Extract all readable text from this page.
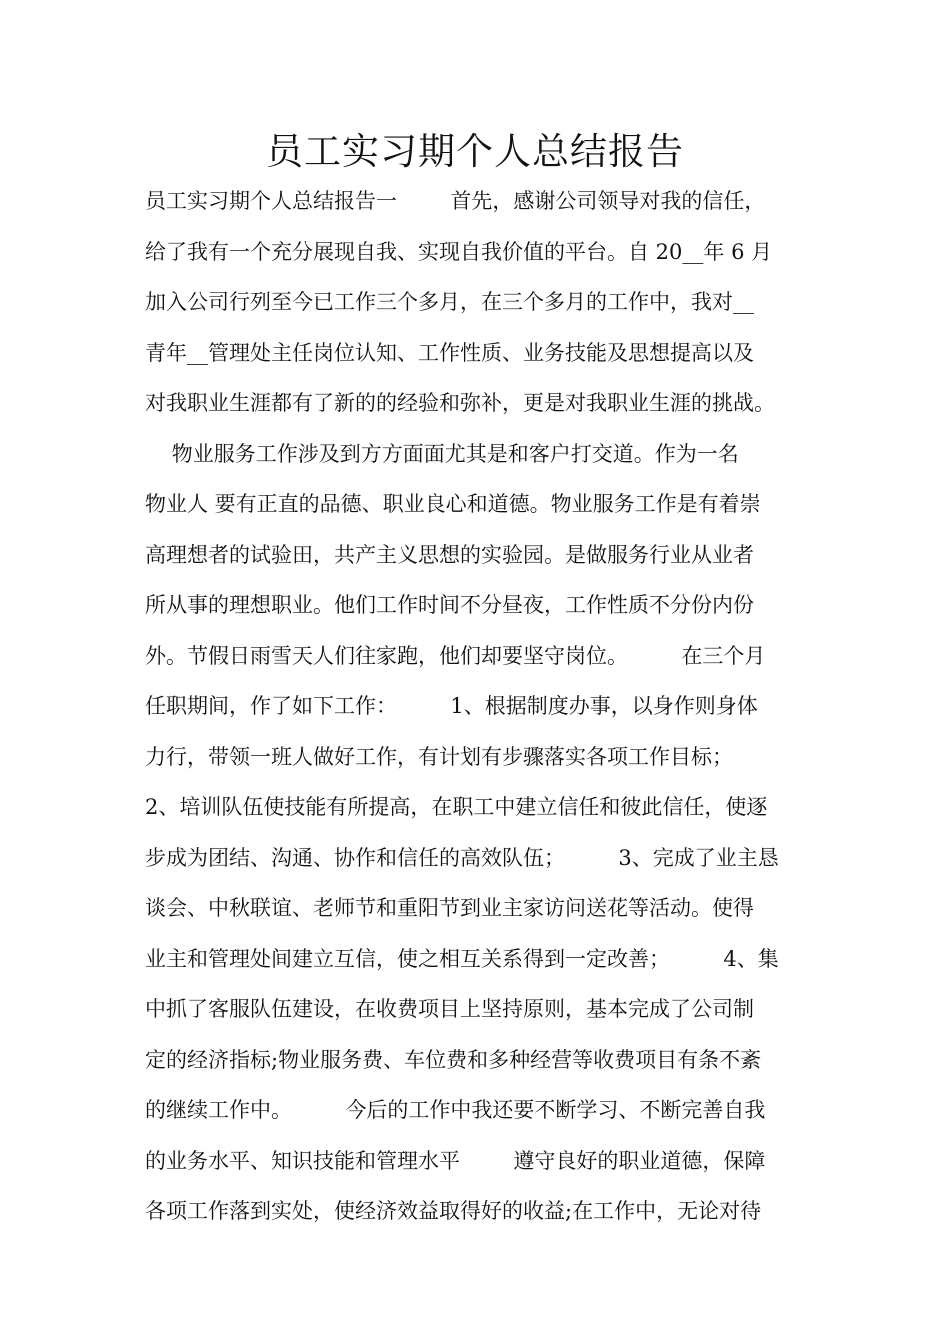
员工实习期个人总结报告
员工实习期个人总结报告一        首先，感谢公司领导对我的信任，
给了我有一个充分展现自我、实现自我价值的平台。自 20__年 6 月
加入公司行列至今已工作三个多月，在三个多月的工作中，我对__
青年__管理处主任岗位认知、工作性质、业务技能及思想提高以及
对我职业生涯都有了新的的经验和弥补，更是对我职业生涯的挑战。
物业服务工作涉及到方方面面尤其是和客户打交道。作为一名
物业人 要有正直的品德、职业良心和道德。物业服务工作是有着崇
高理想者的试验田，共产主义思想的实验园。是做服务行业从业者
所从事的理想职业。他们工作时间不分昼夜，工作性质不分份内份
外。节假日雨雪天人们往家跑，他们却要坚守岗位。        在三个月
任职期间，作了如下工作：        1、根据制度办事，以身作则身体
力行，带领一班人做好工作，有计划有步骤落实各项工作目标；
2、培训队伍使技能有所提高，在职工中建立信任和彼此信任，使逐
步成为团结、沟通、协作和信任的高效队伍；        3、完成了业主恳
谈会、中秋联谊、老师节和重阳节到业主家访问送花等活动。使得
业主和管理处间建立互信，使之相互关系得到一定改善；        4、集
中抓了客服队伍建设，在收费项目上坚持原则，基本完成了公司制
定的经济指标;物业服务费、车位费和多种经营等收费项目有条不紊
的继续工作中。        今后的工作中我还要不断学习、不断完善自我
的业务水平、知识技能和管理水平        遵守良好的职业道德，保障
各项工作落到实处，使经济效益取得好的收益;在工作中，无论对待
